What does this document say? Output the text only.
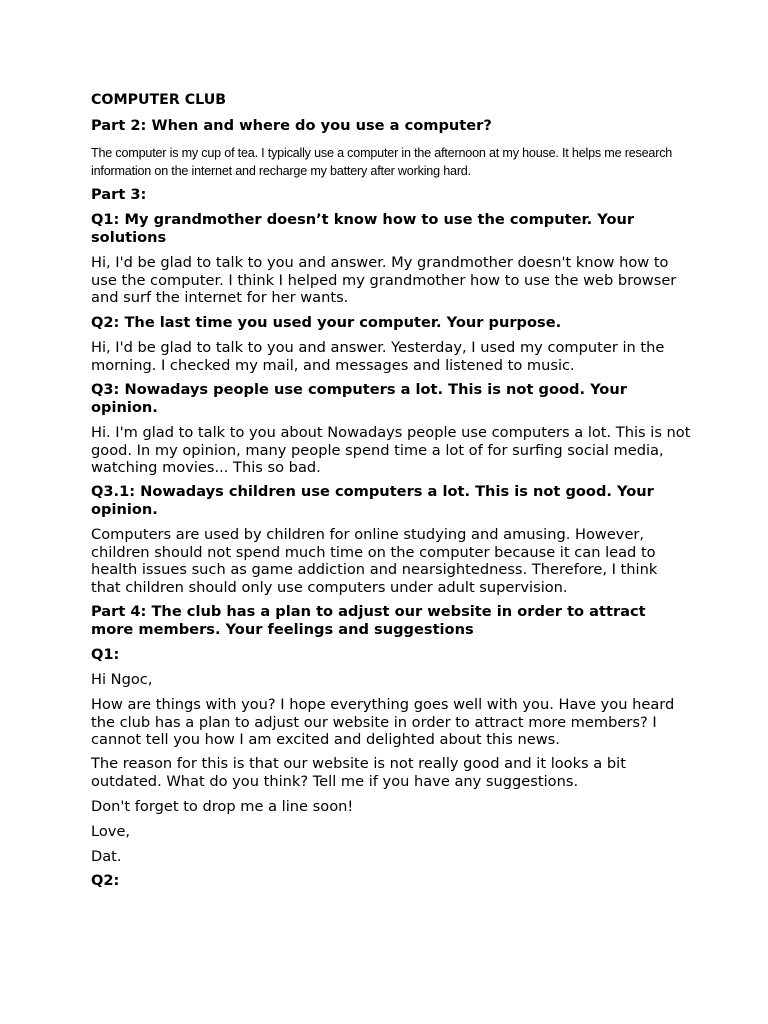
COMPUTER CLUB

Part 2: When and where do you use a computer?

The computer is my cup of tea. I typically use a computer in the afternoon at my house. It helps me research information on the internet and recharge my battery after working hard.

Part 3:

Q1: My grandmother doesn’t know how to use the computer. Your solutions

Hi, I'd be glad to talk to you and answer. My grandmother doesn't know how to use the computer. I think I helped my grandmother how to use the web browser and surf the internet for her wants.

Q2: The last time you used your computer. Your purpose.

Hi, I'd be glad to talk to you and answer. Yesterday, I used my computer in the morning. I checked my mail, and messages and listened to music.

Q3: Nowadays people use computers a lot. This is not good. Your opinion.

Hi. I'm glad to talk to you about Nowadays people use computers a lot. This is not good. In my opinion, many people spend time a lot of for surfing social media, watching movies... This so bad.

Q3.1: Nowadays children use computers a lot. This is not good. Your opinion.

Computers are used by children for online studying and amusing. However, children should not spend much time on the computer because it can lead to health issues such as game addiction and nearsightedness. Therefore, I think that children should only use computers under adult supervision.

Part 4: The club has a plan to adjust our website in order to attract more members. Your feelings and suggestions

Q1:

Hi Ngoc,

How are things with you? I hope everything goes well with you. Have you heard the club has a plan to adjust our website in order to attract more members? I cannot tell you how I am excited and delighted about this news.

The reason for this is that our website is not really good and it looks a bit outdated. What do you think? Tell me if you have any suggestions.

Don't forget to drop me a line soon!

Love,

Dat.

Q2:
